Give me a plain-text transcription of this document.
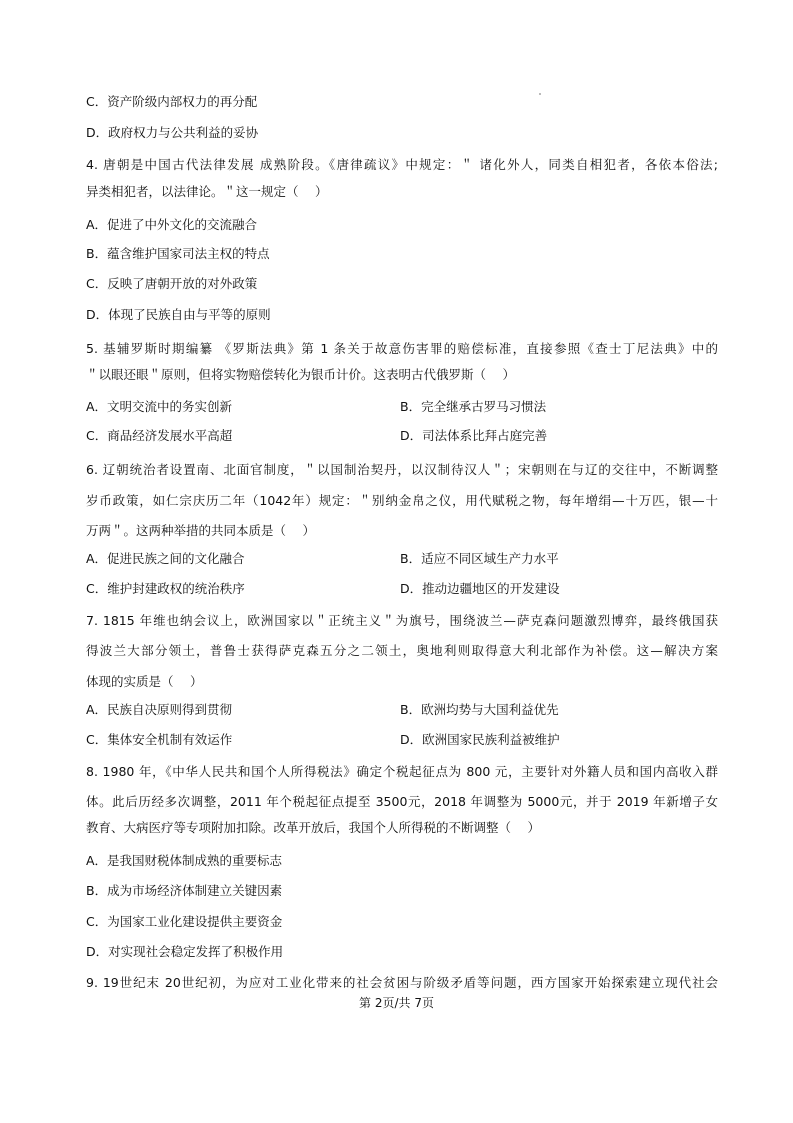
C．资产阶级内部权力的再分配
D．政府权力与公共利益的妥协
4. 唐朝是中国古代法律发展 成熟阶段。《唐律疏议》中规定：＂ 诸化外人，同类自相犯者，各依本俗法;
异类相犯者，以法律论。＂这一规定（　 ）
A．促进了中外文化的交流融合
B．蕴含维护国家司法主权的特点
C．反映了唐朝开放的对外政策
D．体现了民族自由与平等的原则
5. 基辅罗斯时期编纂 《罗斯法典》第 1 条关于故意伤害罪的赔偿标准，直接参照《查士丁尼法典》中的
＂以眼还眼＂原则，但将实物赔偿转化为银币计价。这表明古代俄罗斯（　 ）
A．文明交流中的务实创新	B．完全继承古罗马习惯法
C．商品经济发展水平高超	D．司法体系比拜占庭完善
6. 辽朝统治者设置南、北面官制度，＂以国制治契丹，以汉制待汉人＂；宋朝则在与辽的交往中，不断调整
岁币政策，如仁宗庆历二年（1042年）规定：＂别纳金帛之仪，用代赋税之物，每年增绢—十万匹，银—十
万两＂。这两种举措的共同本质是（　 ）
A．促进民族之间的文化融合	B．适应不同区域生产力水平
C．维护封建政权的统治秩序	D．推动边疆地区的开发建设
7. 1815 年维也纳会议上，欧洲国家以＂正统主义＂为旗号，围绕波兰—萨克森问题激烈博弈，最终俄国获
得波兰大部分领土，普鲁士获得萨克森五分之二领土，奥地利则取得意大利北部作为补偿。这—解决方案
体现的实质是（　 ）
A．民族自决原则得到贯彻	B．欧洲均势与大国利益优先
C．集体安全机制有效运作	D．欧洲国家民族利益被维护
8. 1980 年，《中华人民共和国个人所得税法》确定个税起征点为 800 元，主要针对外籍人员和国内高收入群
体。此后历经多次调整，2011 年个税起征点提至 3500元，2018 年调整为 5000元，并于 2019 年新增子女
教育、大病医疗等专项附加扣除。改革开放后，我国个人所得税的不断调整（　 ）
A．是我国财税体制成熟的重要标志
B．成为市场经济体制建立关键因素
C．为国家工业化建设提供主要资金
D．对实现社会稳定发挥了积极作用
9. 19世纪末 20世纪初，为应对工业化带来的社会贫困与阶级矛盾等问题，西方国家开始探索建立现代社会
第 2页/共 7页
